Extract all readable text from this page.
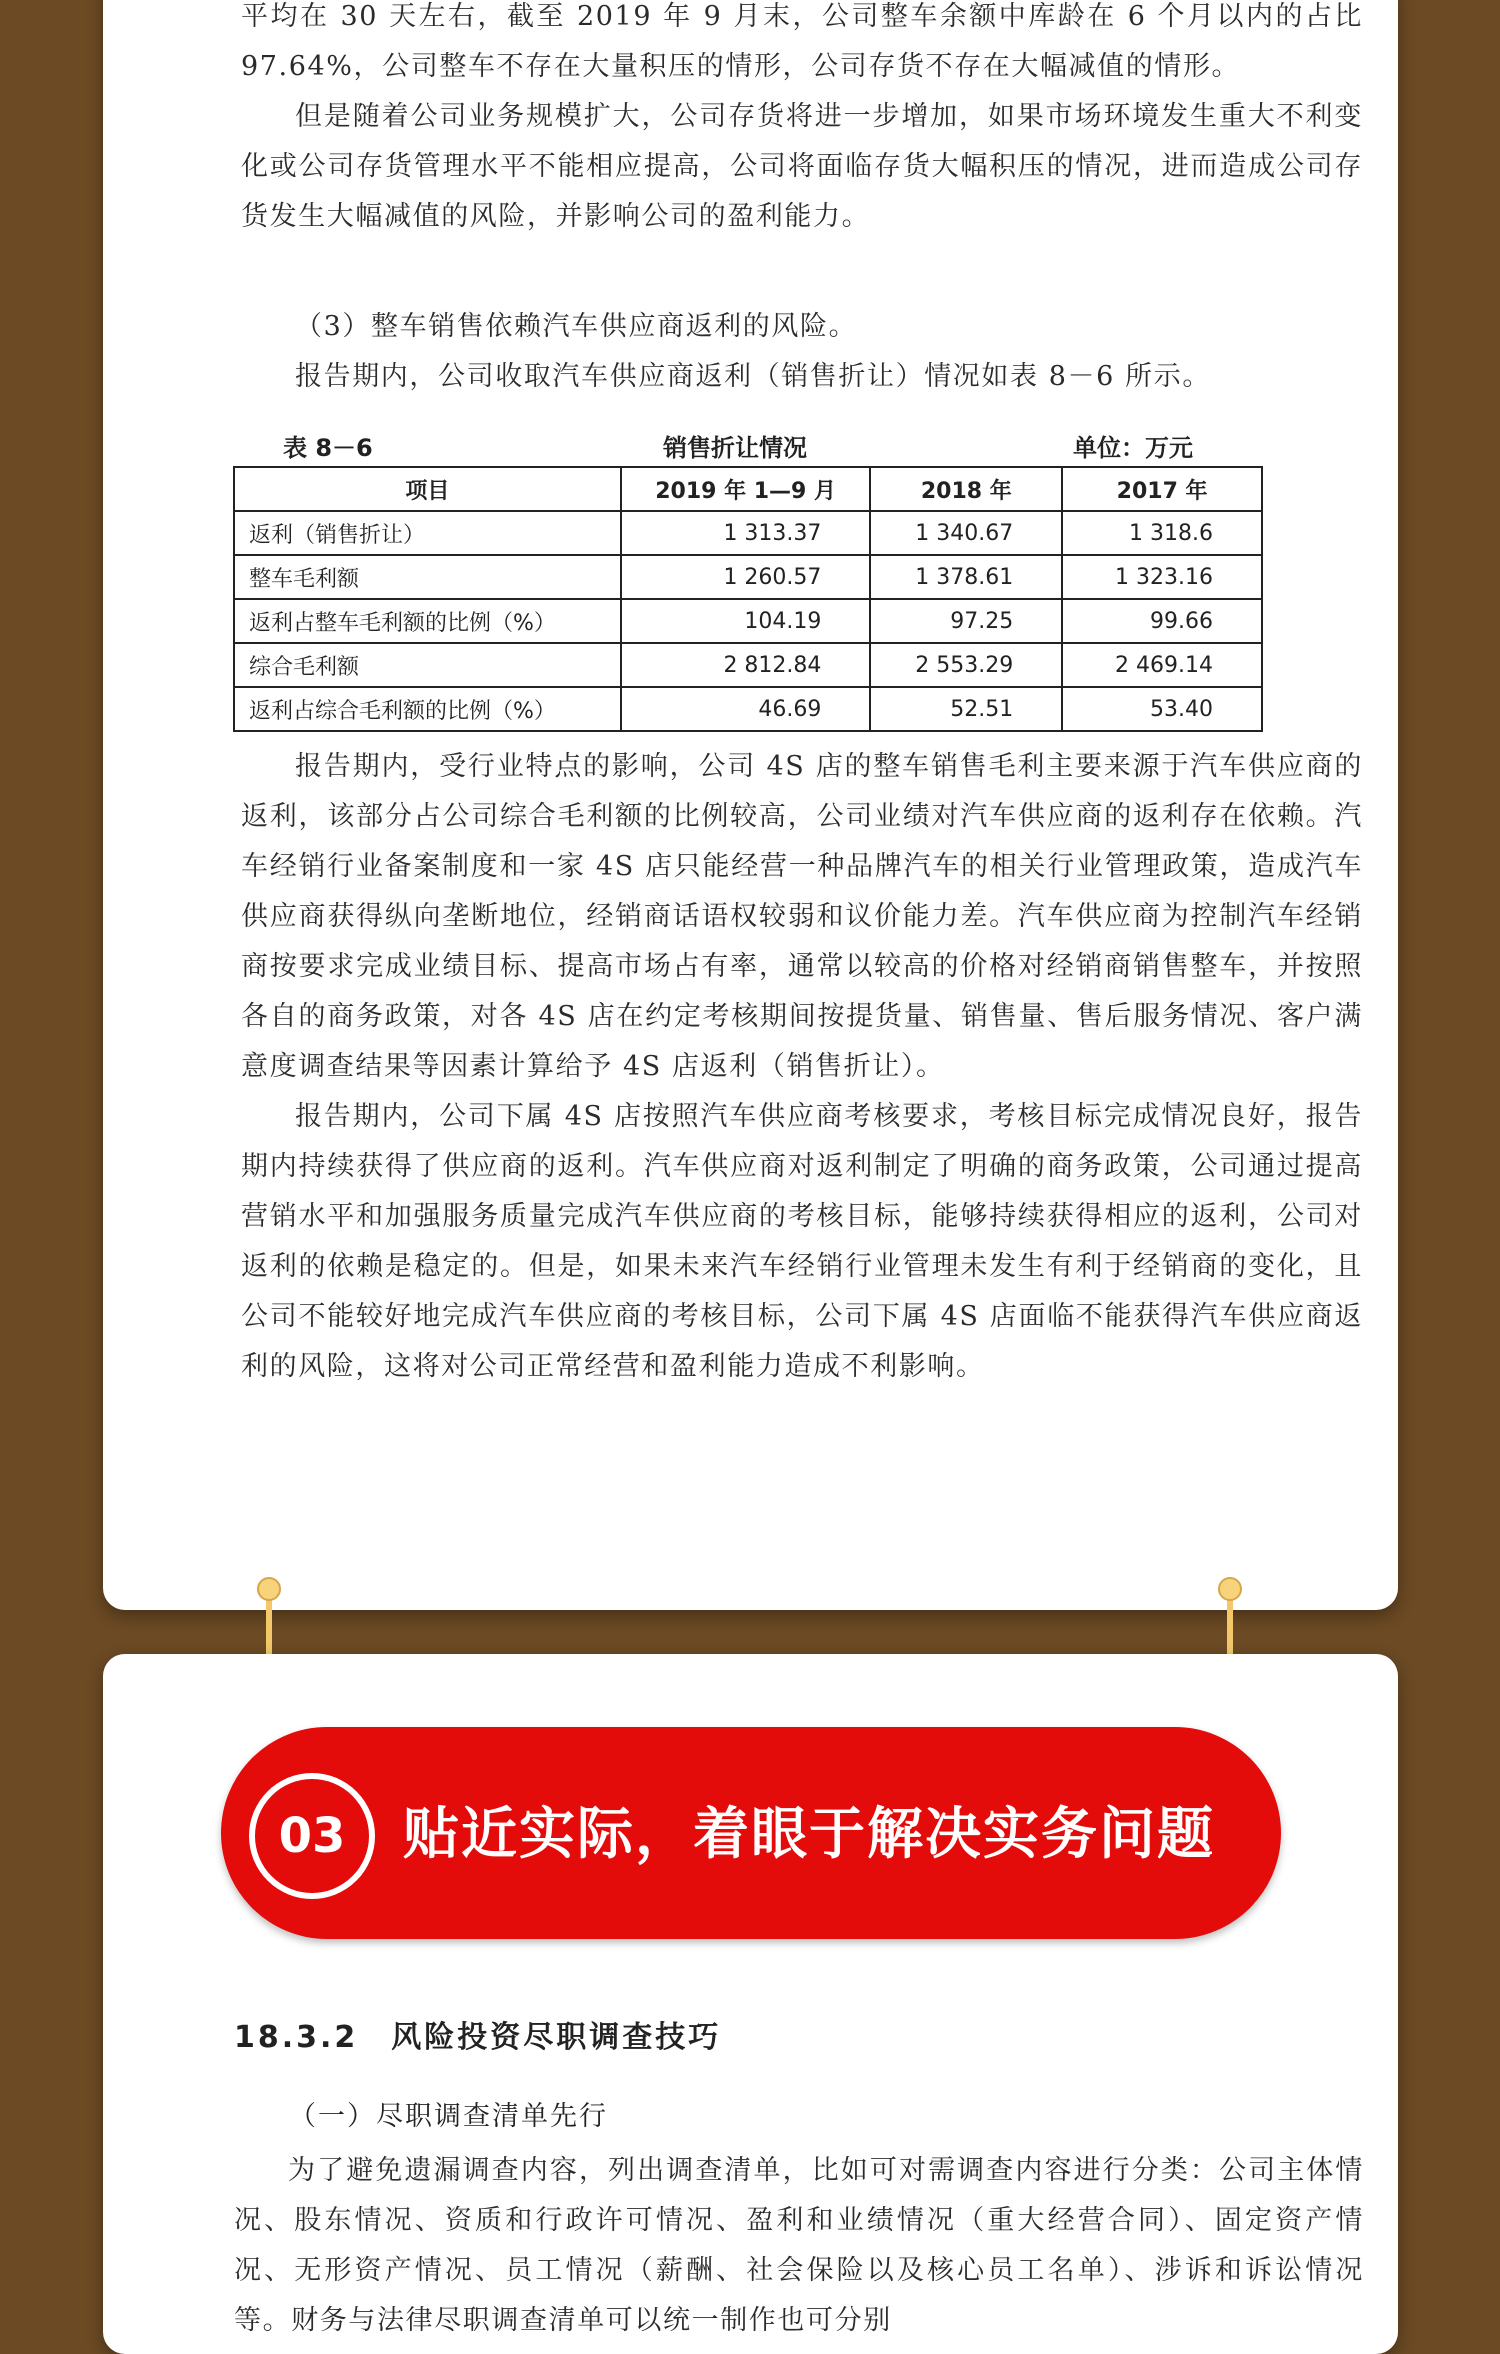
平均在 30 天左右，截至 2019 年 9 月末，公司整车余额中库龄在 6 个月以内的占比 97.64%，公司整车不存在大量积压的情形，公司存货不存在大幅减值的情形。

但是随着公司业务规模扩大，公司存货将进一步增加，如果市场环境发生重大不利变化或公司存货管理水平不能相应提高，公司将面临存货大幅积压的情况，进而造成公司存货发生大幅减值的风险，并影响公司的盈利能力。

（3）整车销售依赖汽车供应商返利的风险。

报告期内，公司收取汽车供应商返利（销售折让）情况如表 8－6 所示。

表 8－6	销售折让情况	单位：万元
项目	2019 年 1—9 月	2018 年	2017 年
返利（销售折让）	1 313.37	1 340.67	1 318.6
整车毛利额	1 260.57	1 378.61	1 323.16
返利占整车毛利额的比例（%）	104.19	97.25	99.66
综合毛利额	2 812.84	2 553.29	2 469.14
返利占综合毛利额的比例（%）	46.69	52.51	53.40

报告期内，受行业特点的影响，公司 4S 店的整车销售毛利主要来源于汽车供应商的返利，该部分占公司综合毛利额的比例较高，公司业绩对汽车供应商的返利存在依赖。汽车经销行业备案制度和一家 4S 店只能经营一种品牌汽车的相关行业管理政策，造成汽车供应商获得纵向垄断地位，经销商话语权较弱和议价能力差。汽车供应商为控制汽车经销商按要求完成业绩目标、提高市场占有率，通常以较高的价格对经销商销售整车，并按照各自的商务政策，对各 4S 店在约定考核期间按提货量、销售量、售后服务情况、客户满意度调查结果等因素计算给予 4S 店返利（销售折让）。

报告期内，公司下属 4S 店按照汽车供应商考核要求，考核目标完成情况良好，报告期内持续获得了供应商的返利。汽车供应商对返利制定了明确的商务政策，公司通过提高营销水平和加强服务质量完成汽车供应商的考核目标，能够持续获得相应的返利，公司对返利的依赖是稳定的。但是，如果未来汽车经销行业管理未发生有利于经销商的变化，且公司不能较好地完成汽车供应商的考核目标，公司下属 4S 店面临不能获得汽车供应商返利的风险，这将对公司正常经营和盈利能力造成不利影响。

03	贴近实际，着眼于解决实务问题
18.3.2　风险投资尽职调查技巧
（一）尽职调查清单先行

为了避免遗漏调查内容，列出调查清单，比如可对需调查内容进行分类：公司主体情况、股东情况、资质和行政许可情况、盈利和业绩情况（重大经营合同）、固定资产情况、无形资产情况、员工情况（薪酬、社会保险以及核心员工名单）、涉诉和诉讼情况等。财务与法律尽职调查清单可以统一制作也可分别
